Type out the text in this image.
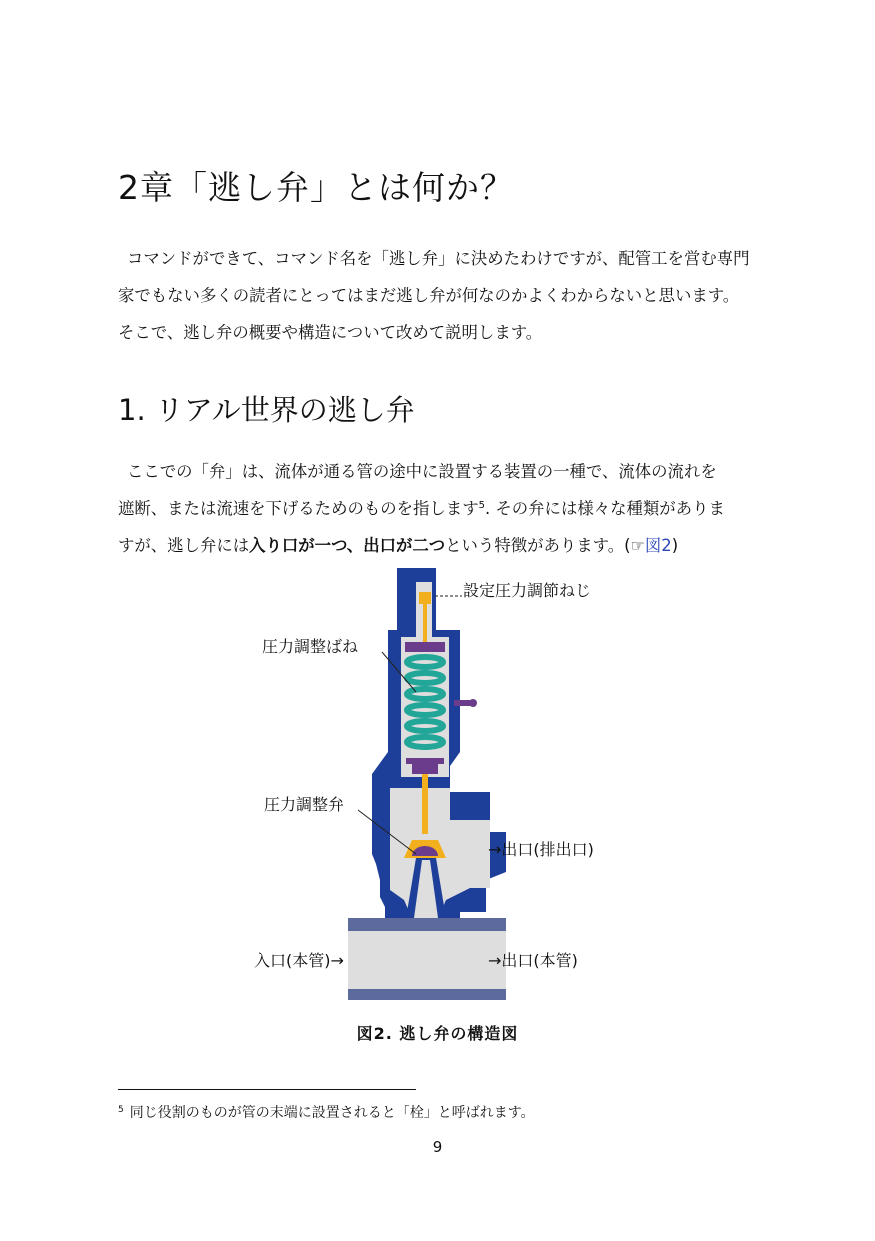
2章「逃し弁」とは何か？

コマンドができて、コマンド名を「逃し弁」に決めたわけですが、配管工を営む専門
家でもない多くの読者にとってはまだ逃し弁が何なのかよくわからないと思います。
そこで、逃し弁の概要や構造について改めて説明します。

1. リアル世界の逃し弁

ここでの「弁」は、流体が通る管の途中に設置する装置の一種で、流体の流れを
遮断、または流速を下げるためのものを指します$^5$. その弁には様々な種類がありま
すが、逃し弁には入り口が一つ、出口が二つという特徴があります。(☞図2)

設定圧力調節ねじ
圧力調整ばね
圧力調整弁
→出口(排出口)
入口(本管)→	→出口(本管)
図2. 逃し弁の構造図
$^5$ 同じ役割のものが管の末端に設置されると「栓」と呼ばれます。
9
